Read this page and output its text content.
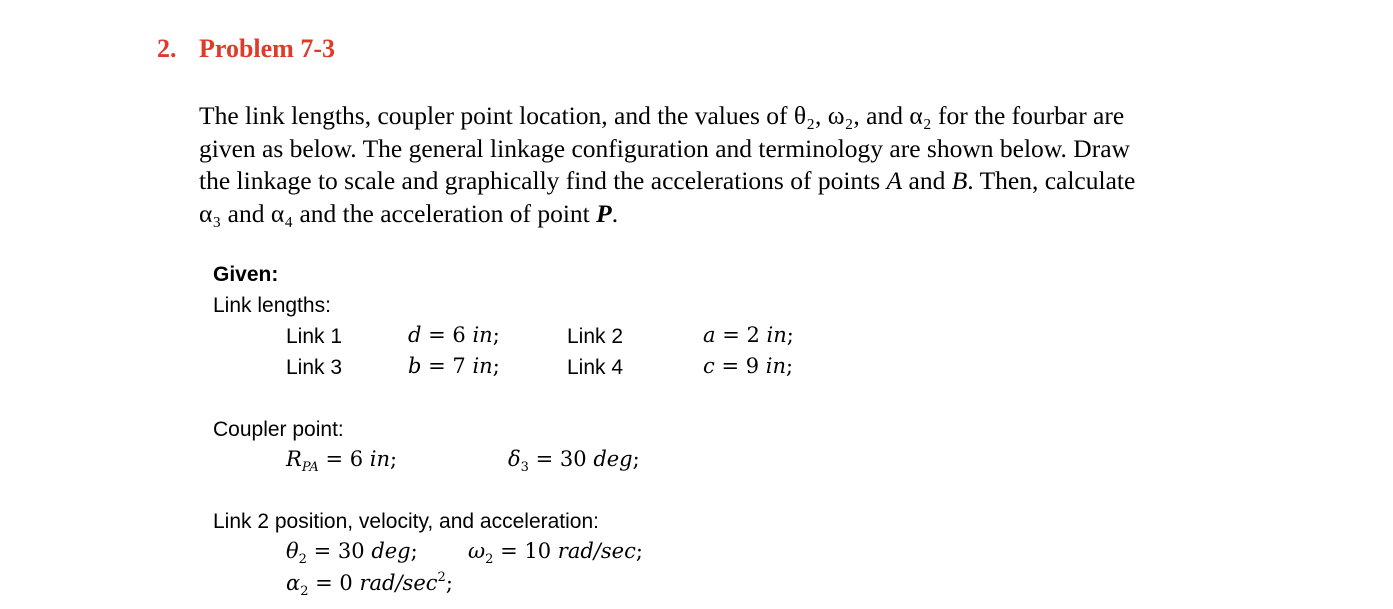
2. Problem 7-3
The link lengths, coupler point location, and the values of θ₂, ω₂, and α₂ for the fourbar are
given as below. The general linkage configuration and terminology are shown below. Draw
the linkage to scale and graphically find the accelerations of points A and B. Then, calculate
α₃ and α₄ and the acceleration of point P.
Given:
Link lengths:
Link 1	d = 6 in;	Link 2	a = 2 in;
Link 3	b = 7 in;	Link 4	c = 9 in;
Coupler point:
$R_{PA} = 6$ in;	$\delta_3 = 30$ deg;
Link 2 position, velocity, and acceleration:
$\theta_2 = 30$ deg; $\omega_2 = 10$ rad/sec;
$\alpha_2 = 0$ rad/$\sec^2$;
